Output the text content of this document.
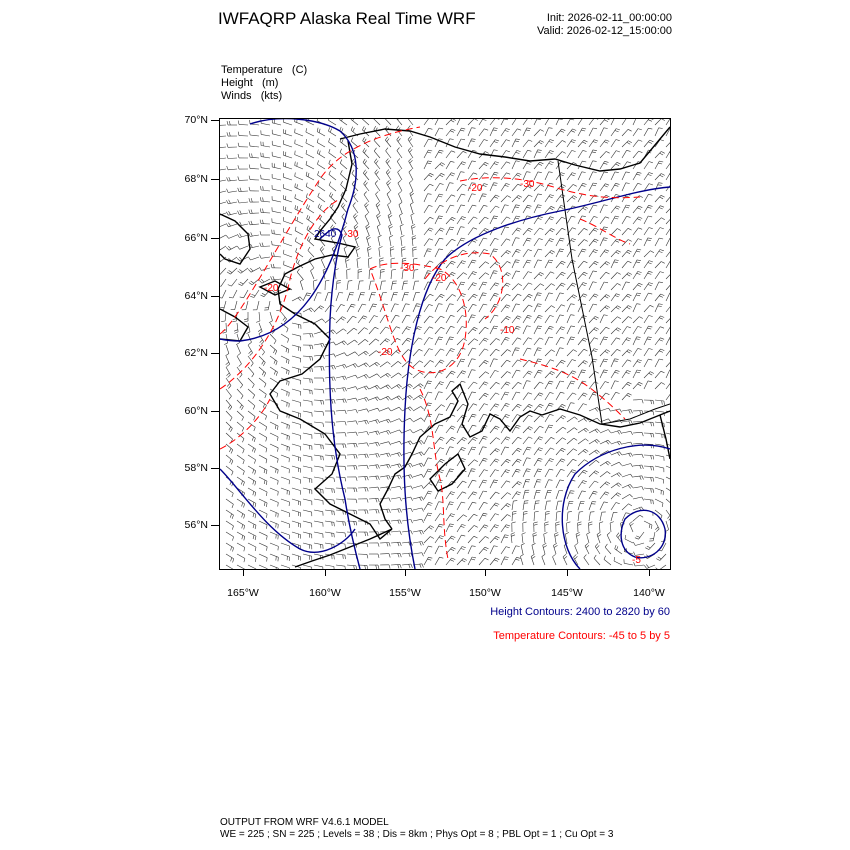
IWFAQRP Alaska Real Time WRF	Init: 2026-02-11_00:00:00
Valid: 2026-02-12_15:00:00
Temperature   (C)
Height   (m)
Winds   (kts)
70°N
68°N
66°N
64°N
62°N
60°N
58°N
56°N
165°W	160°W	155°W	150°W	145°W	140°W
2640 -30
-20
-30
-20
-20
-20
-30
-10
-5
Height Contours: 2400 to 2820 by 60
Temperature Contours: -45 to 5 by 5
OUTPUT FROM WRF V4.6.1 MODEL
WE = 225 ; SN = 225 ; Levels = 38 ; Dis = 8km ; Phys Opt = 8 ; PBL Opt = 1 ; Cu Opt = 3
